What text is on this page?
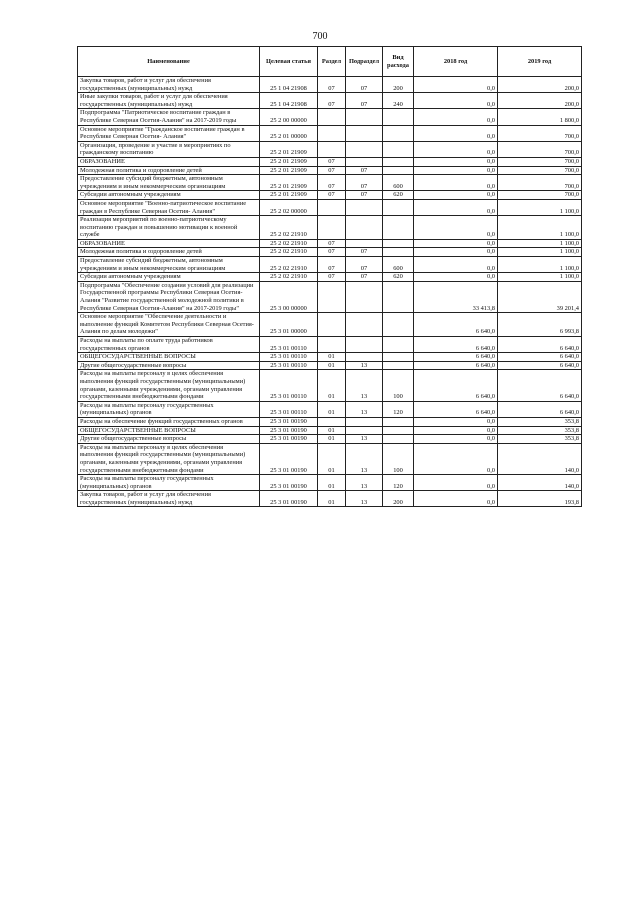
700
Наименование	Целевая статья	Раздел	Подраздел	Вид расхода	2018 год	2019 год
Закупка товаров, работ и услуг для обеспечения государственных (муниципальных) нужд	25 1 04 21908	07	07	200	0,0	200,0
Иные закупки товаров, работ и услуг для обеспечения государственных (муниципальных) нужд	25 1 04 21908	07	07	240	0,0	200,0
Подпрограмма "Патриотическое воспитание граждан в Республике Северная Осетия-Алания" на 2017-2019 годы	25 2 00 00000				0,0	1 800,0
Основное мероприятие "Гражданское воспитание граждан в Республике Северная Осетия- Алания"	25 2 01 00000				0,0	700,0
Организация, проведение и участие в мероприятиях по гражданскому воспитанию	25 2 01 21909				0,0	700,0
ОБРАЗОВАНИЕ	25 2 01 21909	07			0,0	700,0
Молодежная политика и оздоровление детей	25 2 01 21909	07	07		0,0	700,0
Предоставление субсидий бюджетным, автономным учреждениям и иным некоммерческим организациям	25 2 01 21909	07	07	600	0,0	700,0
Субсидии автономным учреждениям	25 2 01 21909	07	07	620	0,0	700,0
Основное мероприятие "Военно-патриотическое воспитание граждан в Республике Северная Осетия- Алания"	25 2 02 00000				0,0	1 100,0
Реализация мероприятий по военно-патриотическому воспитанию граждан и повышению мотивации к военной службе	25 2 02 21910				0,0	1 100,0
ОБРАЗОВАНИЕ	25 2 02 21910	07			0,0	1 100,0
Молодежная политика и оздоровление детей	25 2 02 21910	07	07		0,0	1 100,0
Предоставление субсидий бюджетным, автономным учреждениям и иным некоммерческим организациям	25 2 02 21910	07	07	600	0,0	1 100,0
Субсидии автономным учреждениям	25 2 02 21910	07	07	620	0,0	1 100,0
Подпрограмма "Обеспечение создания условий для реализации Государственной программы Республики Северная Осетия-Алания "Развитие государственной молодежной политики в Республике Северная Осетия-Алания" на 2017-2019 годы"	25 3 00 00000				33 413,8	39 201,4
Основное мероприятие "Обеспечение деятельности и выполнение функций Комитетом Республики Северная Осетия-Алания по делам молодежи"	25 3 01 00000				6 640,0	6 993,8
Расходы на выплаты по оплате труда работников государственных органов	25 3 01 00110				6 640,0	6 640,0
ОБЩЕГОСУДАРСТВЕННЫЕ ВОПРОСЫ	25 3 01 00110	01			6 640,0	6 640,0
Другие общегосударственные вопросы	25 3 01 00110	01	13		6 640,0	6 640,0
Расходы на выплаты персоналу в целях обеспечения выполнения функций государственными (муниципальными) органами, казенными учреждениями, органами управления государственными внебюджетными фондами	25 3 01 00110	01	13	100	6 640,0	6 640,0
Расходы на выплаты персоналу государственных (муниципальных) органов	25 3 01 00110	01	13	120	6 640,0	6 640,0
Расходы на обеспечение функций государственных органов	25 3 01 00190				0,0	353,8
ОБЩЕГОСУДАРСТВЕННЫЕ ВОПРОСЫ	25 3 01 00190	01			0,0	353,8
Другие общегосударственные вопросы	25 3 01 00190	01	13		0,0	353,8
Расходы на выплаты персоналу в целях обеспечения выполнения функций государственными (муниципальными) органами, казенными учреждениями, органами управления государственными внебюджетными фондами	25 3 01 00190	01	13	100	0,0	140,0
Расходы на выплаты персоналу государственных (муниципальных) органов	25 3 01 00190	01	13	120	0,0	140,0
Закупка товаров, работ и услуг для обеспечения государственных (муниципальных) нужд	25 3 01 00190	01	13	200	0,0	193,8
